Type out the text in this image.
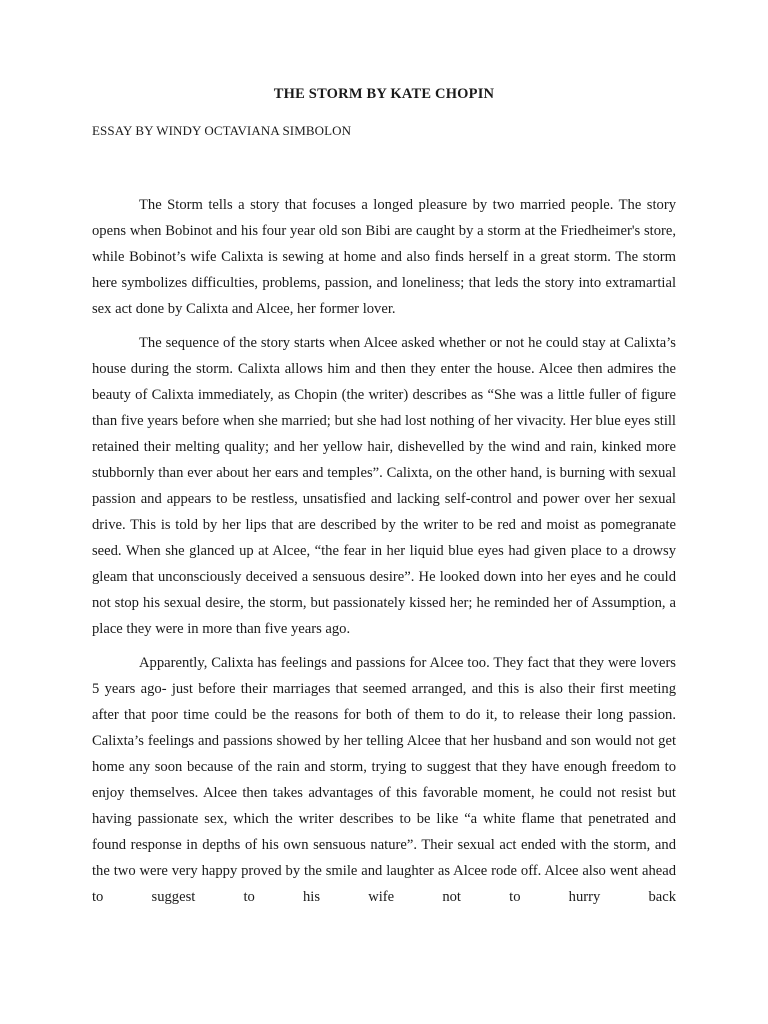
THE STORM BY KATE CHOPIN
ESSAY BY WINDY OCTAVIANA SIMBOLON

The Storm tells a story that focuses a longed pleasure by two married people. The story opens when Bobinot and his four year old son Bibi are caught by a storm at the Friedheimer's store, while Bobinot’s wife Calixta is sewing at home and also finds herself in a great storm. The storm here symbolizes difficulties, problems, passion, and loneliness; that leds the story into extramartial sex act done by Calixta and Alcee, her former lover.

The sequence of the story starts when Alcee asked whether or not he could stay at Calixta’s house during the storm. Calixta allows him and then they enter the house. Alcee then admires the beauty of Calixta immediately, as Chopin (the writer) describes as “She was a little fuller of figure than five years before when she married; but she had lost nothing of her vivacity. Her blue eyes still retained their melting quality; and her yellow hair, dishevelled by the wind and rain, kinked more stubbornly than ever about her ears and temples”. Calixta, on the other hand, is burning with sexual passion and appears to be restless, unsatisfied and lacking self-control and power over her sexual drive. This is told by her lips that are described by the writer to be red and moist as pomegranate seed. When she glanced up at Alcee, “the fear in her liquid blue eyes had given place to a drowsy gleam that unconsciously deceived a sensuous desire”. He looked down into her eyes and he could not stop his sexual desire, the storm, but passionately kissed her; he reminded her of Assumption, a place they were in more than five years ago.

Apparently, Calixta has feelings and passions for Alcee too. They fact that they were lovers 5 years ago- just before their marriages that seemed arranged, and this is also their first meeting after that poor time could be the reasons for both of them to do it, to release their long passion. Calixta’s feelings and passions showed by her telling Alcee that her husband and son would not get home any soon because of the rain and storm, trying to suggest that they have enough freedom to enjoy themselves. Alcee then takes advantages of this favorable moment, he could not resist but having passionate sex, which the writer describes to be like “a white flame that penetrated and found response in depths of his own sensuous nature”. Their sexual act ended with the storm, and the two were very happy proved by the smile and laughter as Alcee rode off. Alcee also went ahead to suggest to his wife not to hurry back
